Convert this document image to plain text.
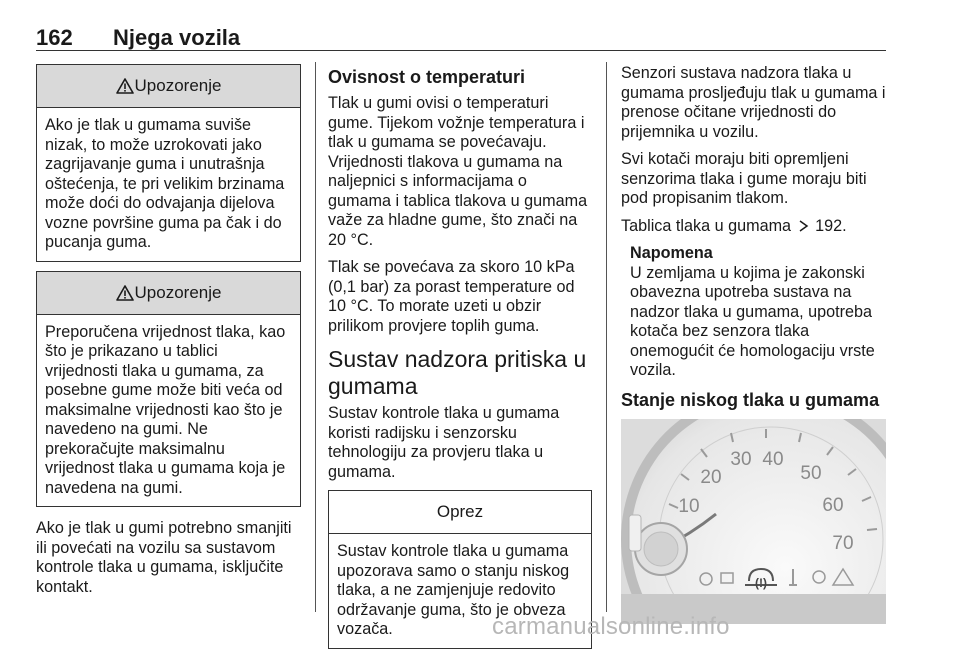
162 Njega vozila
Upozorenje
Ako je tlak u gumama suviše nizak, to može uzrokovati jako zagrijavanje guma i unutrašnja oštećenja, te pri velikim brzinama može doći do odvajanja dijelova vozne površine guma pa čak i do pucanja guma.
Upozorenje
Preporučena vrijednost tlaka, kao što je prikazano u tablici vrijednosti tlaka u gumama, za posebne gume može biti veća od maksimalne vrijednosti kao što je navedeno na gumi. Ne prekoračujte maksimalnu vrijednost tlaka u gumama koja je navedena na gumi.

Ako je tlak u gumi potrebno smanjiti ili povećati na vozilu sa sustavom kontrole tlaka u gumama, isključite kontakt.

Ovisnost o temperaturi

Tlak u gumi ovisi o temperaturi gume. Tijekom vožnje temperatura i tlak u gumama se povećavaju. Vrijednosti tlakova u gumama na naljepnici s informacijama o gumama i tablica tlakova u gumama važe za hladne gume, što znači na 20 °C.

Tlak se povećava za skoro 10 kPa (0,1 bar) za porast temperature od 10 °C. To morate uzeti u obzir prilikom provjere toplih guma.

Sustav nadzora pritiska u gumama

Sustav kontrole tlaka u gumama koristi radijsku i senzorsku tehnologiju za provjeru tlaka u gumama.

Oprez
Sustav kontrole tlaka u gumama upozorava samo o stanju niskog tlaka, a ne zamjenjuje redovito održavanje guma, što je obveza vozača.

Senzori sustava nadzora tlaka u gumama prosljeđuju tlak u gumama i prenose očitane vrijednosti do prijemnika u vozilu.

Svi kotači moraju biti opremljeni senzorima tlaka i gume moraju biti pod propisanim tlakom.

Tablica tlaka u gumama 192.

Napomena
U zemljama u kojima je zakonski obavezna upotreba sustava na nadzor tlaka u gumama, upotreba kotača bez senzora tlaka onemogućit će homologaciju vrste vozila.
Stanje niskog tlaka u gumama
10
20
30 40
50
60
70
(!)
carmanualsonline.info
